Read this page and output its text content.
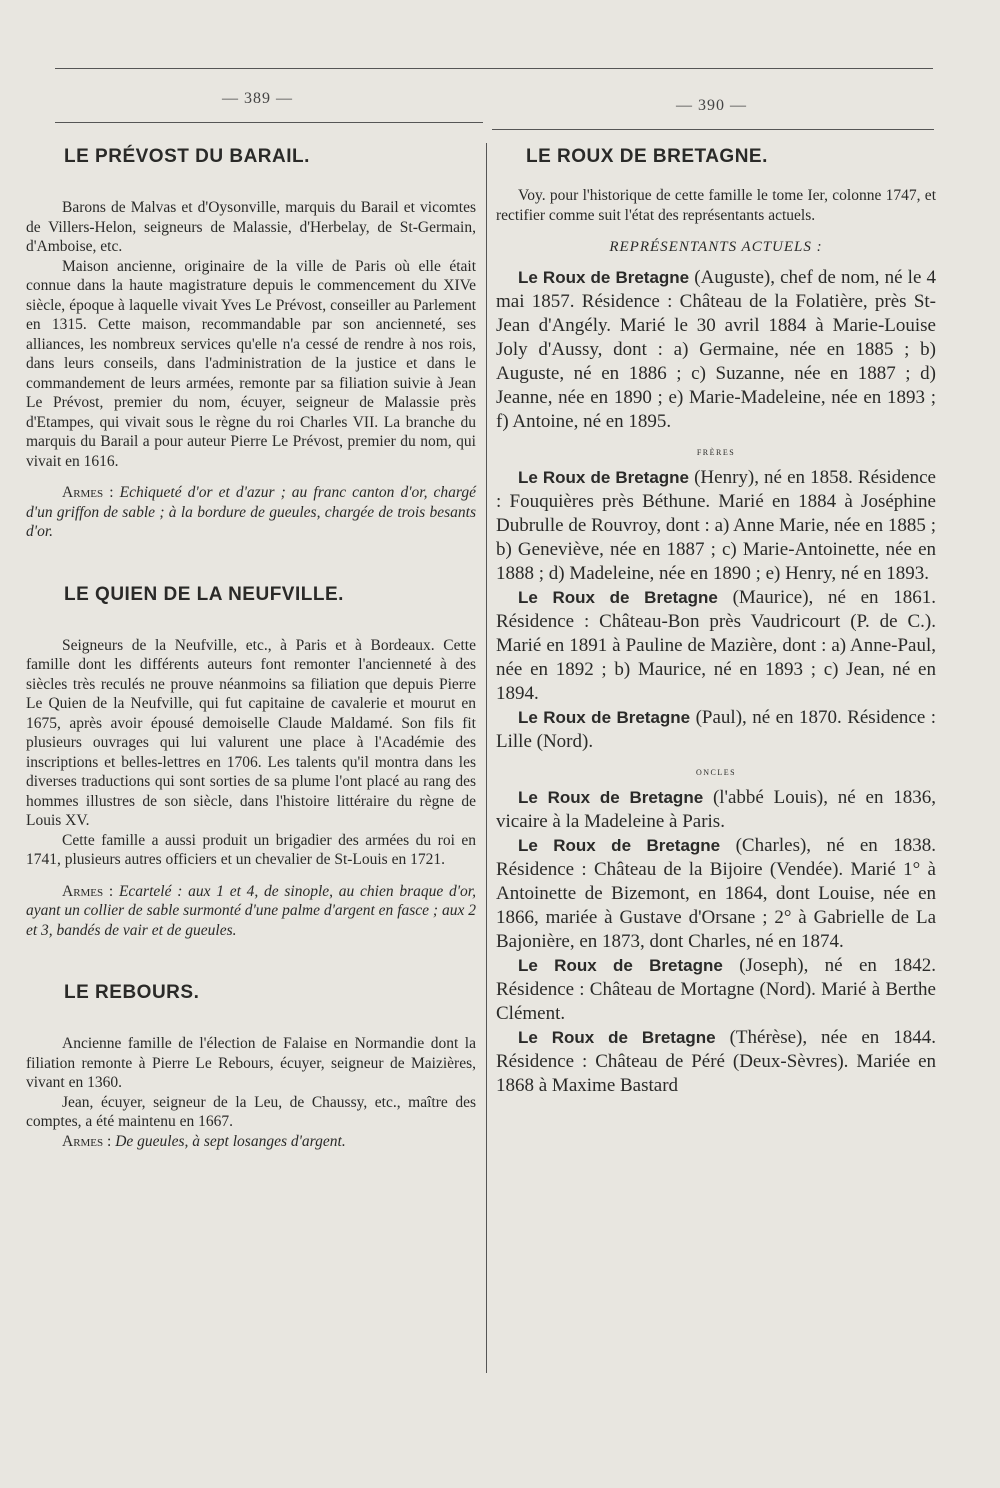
— 389 —	— 390 —
LE PRÉVOST DU BARAIL.

Barons de Malvas et d'Oysonville, marquis du Barail et vicomtes de Villers-Helon, seigneurs de Malassie, d'Herbelay, de St-Germain, d'Amboise, etc.

Maison ancienne, originaire de la ville de Paris où elle était connue dans la haute magistrature depuis le commencement du XIVe siècle, époque à laquelle vivait Yves Le Prévost, conseiller au Parlement en 1315. Cette maison, recommandable par son ancienneté, ses alliances, les nombreux services qu'elle n'a cessé de rendre à nos rois, dans leurs conseils, dans l'administration de la justice et dans le commandement de leurs armées, remonte par sa filiation suivie à Jean Le Prévost, premier du nom, écuyer, seigneur de Malassie près d'Etampes, qui vivait sous le règne du roi Charles VII. La branche du marquis du Barail a pour auteur Pierre Le Prévost, premier du nom, qui vivait en 1616.

Armes : Echiqueté d'or et d'azur ; au franc canton d'or, chargé d'un griffon de sable ; à la bordure de gueules, chargée de trois besants d'or.

LE QUIEN DE LA NEUFVILLE.

Seigneurs de la Neufville, etc., à Paris et à Bordeaux. Cette famille dont les différents auteurs font remonter l'ancienneté à des siècles très reculés ne prouve néanmoins sa filiation que depuis Pierre Le Quien de la Neufville, qui fut capitaine de cavalerie et mourut en 1675, après avoir épousé demoiselle Claude Maldamé. Son fils fit plusieurs ouvrages qui lui valurent une place à l'Académie des inscriptions et belles-lettres en 1706. Les talents qu'il montra dans les diverses traductions qui sont sorties de sa plume l'ont placé au rang des hommes illustres de son siècle, dans l'histoire littéraire du règne de Louis XV.

Cette famille a aussi produit un brigadier des armées du roi en 1741, plusieurs autres officiers et un chevalier de St-Louis en 1721.

Armes : Ecartelé : aux 1 et 4, de sinople, au chien braque d'or, ayant un collier de sable surmonté d'une palme d'argent en fasce ; aux 2 et 3, bandés de vair et de gueules.

LE REBOURS.

Ancienne famille de l'élection de Falaise en Normandie dont la filiation remonte à Pierre Le Rebours, écuyer, seigneur de Maizières, vivant en 1360.

Jean, écuyer, seigneur de la Leu, de Chaussy, etc., maître des comptes, a été maintenu en 1667.

Armes : De gueules, à sept losanges d'argent.

LE ROUX DE BRETAGNE.

Voy. pour l'historique de cette famille le tome Ier, colonne 1747, et rectifier comme suit l'état des représentants actuels.

REPRÉSENTANTS ACTUELS :

Le Roux de Bretagne (Auguste), chef de nom, né le 4 mai 1857. Résidence : Château de la Folatière, près St-Jean d'Angély. Marié le 30 avril 1884 à Marie-Louise Joly d'Aussy, dont : a) Germaine, née en 1885 ; b) Auguste, né en 1886 ; c) Suzanne, née en 1887 ; d) Jeanne, née en 1890 ; e) Marie-Madeleine, née en 1893 ; f) Antoine, né en 1895.

frères

Le Roux de Bretagne (Henry), né en 1858. Résidence : Fouquières près Béthune. Marié en 1884 à Joséphine Dubrulle de Rouvroy, dont : a) Anne Marie, née en 1885 ; b) Geneviève, née en 1887 ; c) Marie-Antoinette, née en 1888 ; d) Madeleine, née en 1890 ; e) Henry, né en 1893.

Le Roux de Bretagne (Maurice), né en 1861. Résidence : Château-Bon près Vaudricourt (P. de C.). Marié en 1891 à Pauline de Mazière, dont : a) Anne-Paul, née en 1892 ; b) Maurice, né en 1893 ; c) Jean, né en 1894.

Le Roux de Bretagne (Paul), né en 1870. Résidence : Lille (Nord).

oncles

Le Roux de Bretagne (l'abbé Louis), né en 1836, vicaire à la Madeleine à Paris.

Le Roux de Bretagne (Charles), né en 1838. Résidence : Château de la Bijoire (Vendée). Marié 1° à Antoinette de Bizemont, en 1864, dont Louise, née en 1866, mariée à Gustave d'Orsane ; 2° à Gabrielle de La Bajonière, en 1873, dont Charles, né en 1874.

Le Roux de Bretagne (Joseph), né en 1842. Résidence : Château de Mortagne (Nord). Marié à Berthe Clément.

Le Roux de Bretagne (Thérèse), née en 1844. Résidence : Château de Péré (Deux-Sèvres). Mariée en 1868 à Maxime Bastard
